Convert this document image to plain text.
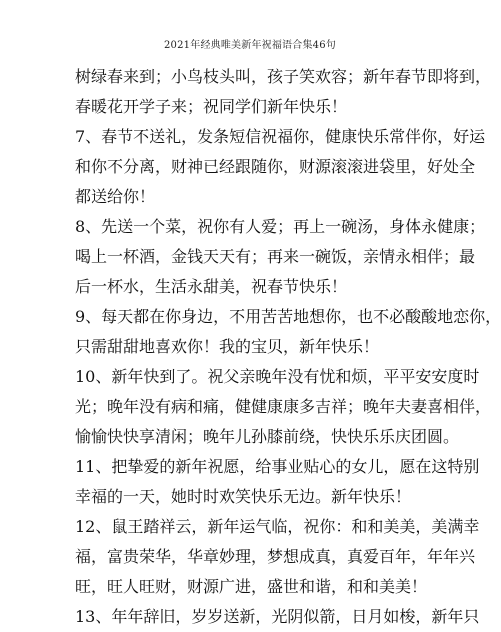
2021年经典唯美新年祝福语合集46句
树绿春来到；小鸟枝头叫，孩子笑欢容；新年春节即将到，
春暖花开学子来；祝同学们新年快乐！
7、春节不送礼，发条短信祝福你，健康快乐常伴你，好运
和你不分离，财神已经跟随你，财源滚滚进袋里，好处全
都送给你！
8、先送一个菜，祝你有人爱；再上一碗汤，身体永健康；
喝上一杯酒，金钱天天有；再来一碗饭，亲情永相伴；最
后一杯水，生活永甜美，祝春节快乐！
9、每天都在你身边，不用苦苦地想你，也不必酸酸地恋你，
只需甜甜地喜欢你！我的宝贝，新年快乐！
10、新年快到了。祝父亲晚年没有忧和烦，平平安安度时
光；晚年没有病和痛，健健康康多吉祥；晚年夫妻喜相伴，
愉愉快快享清闲；晚年儿孙膝前绕，快快乐乐庆团圆。
11、把挚爱的新年祝愿，给事业贴心的女儿，愿在这特别
幸福的一天，她时时欢笑快乐无边。新年快乐！
12、鼠王踏祥云，新年运气临，祝你：和和美美，美满幸
福，富贵荣华，华章妙理，梦想成真，真爱百年，年年兴
旺，旺人旺财，财源广进，盛世和谐，和和美美！
13、年年辞旧，岁岁送新，光阴似箭，日月如梭，新年只
